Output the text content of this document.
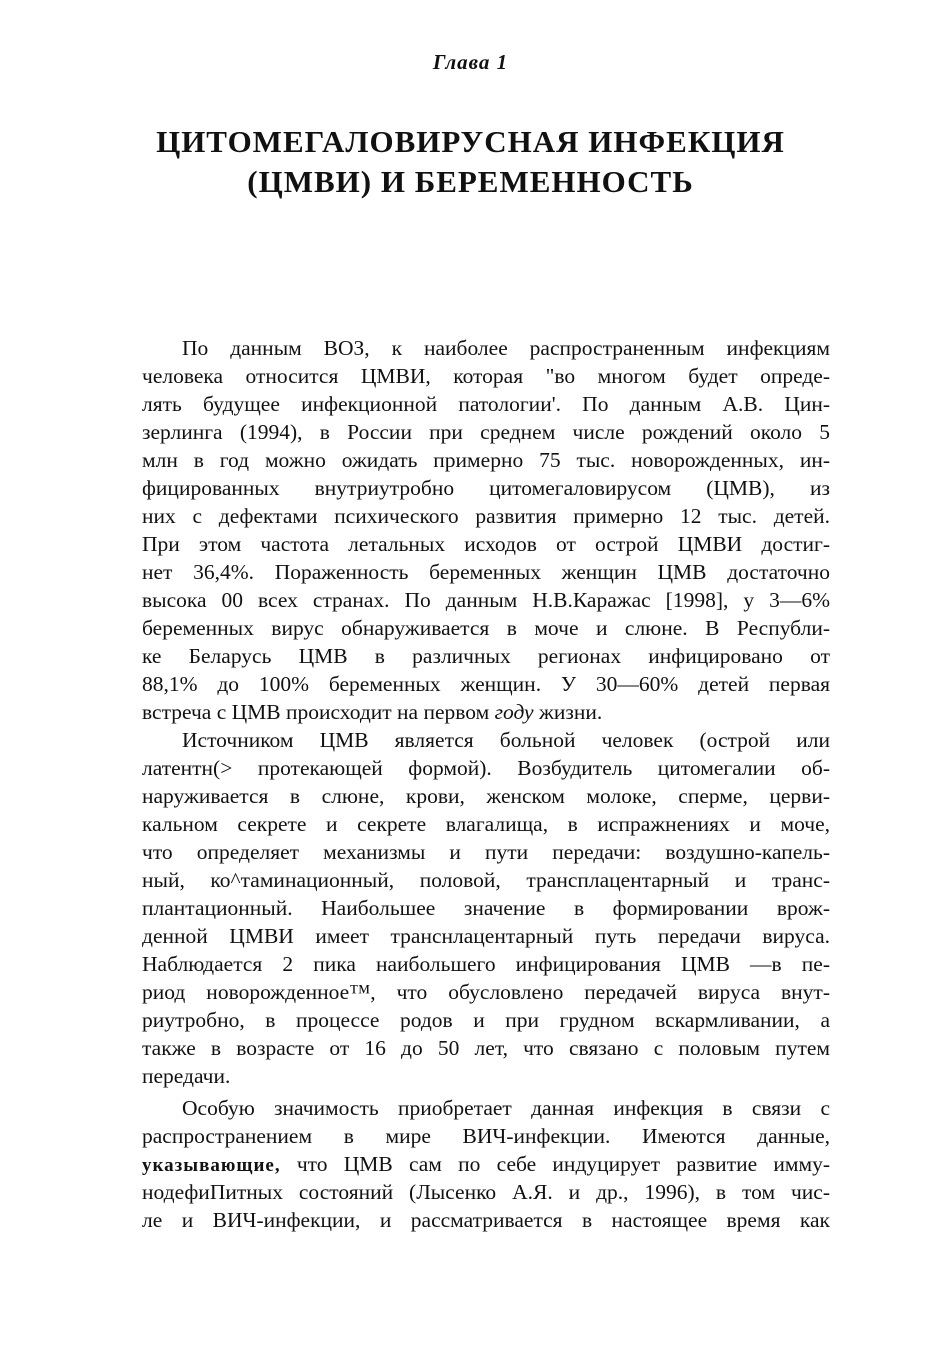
Глава 1
ЦИТОМЕГАЛОВИРУСНАЯ ИНФЕКЦИЯ
(ЦМВИ) И БЕРЕМЕННОСТЬ
По данным ВОЗ, к наиболее распространенным инфекциям
человека относится ЦМВИ, которая "во многом будет опреде-
лять будущее инфекционной патологии'. По данным А.В. Цин-
зерлинга (1994), в России при среднем числе рождений около 5
млн в год можно ожидать примерно 75 тыс. новорожденных, ин-
фицированных внутриутробно цитомегаловирусом (ЦМВ), из
них с дефектами психического развития примерно 12 тыс. детей.
При этом частота летальных исходов от острой ЦМВИ достиг-
нет 36,4%. Пораженность беременных женщин ЦМВ достаточно
высока 00 всех странах. По данным Н.В.Каражас [1998], у 3—6%
беременных вирус обнаруживается в моче и слюне. В Республи-
ке Беларусь ЦМВ в различных регионах инфицировано от
88,1% до 100% беременных женщин. У 30—60% детей первая
встреча с ЦМВ происходит на первом году жизни.
Источником ЦМВ является больной человек (острой или
латентн(> протекающей формой). Возбудитель цитомегалии об-
наруживается в слюне, крови, женском молоке, сперме, церви-
кальном секрете и секрете влагалища, в испражнениях и моче,
что определяет механизмы и пути передачи: воздушно-капель-
ный, ко^таминационный, половой, трансплацентарный и транс-
плантационный. Наибольшее значение в формировании врож-
денной ЦМВИ имеет транснлацентарный путь передачи вируса.
Наблюдается 2 пика наибольшего инфицирования ЦМВ —в пе-
риод новорожденное™, что обусловлено передачей вируса внут-
риутробно, в процессе родов и при грудном вскармливании, а
также в возрасте от 16 до 50 лет, что связано с половым путем
передачи.
Особую значимость приобретает данная инфекция в связи с
распространением в мире ВИЧ-инфекции. Имеются данные,
указывающие, что ЦМВ сам по себе индуцирует развитие имму-
нодефиПитных состояний (Лысенко А.Я. и др., 1996), в том чис-
ле и ВИЧ-инфекции, и рассматривается в настоящее время как
